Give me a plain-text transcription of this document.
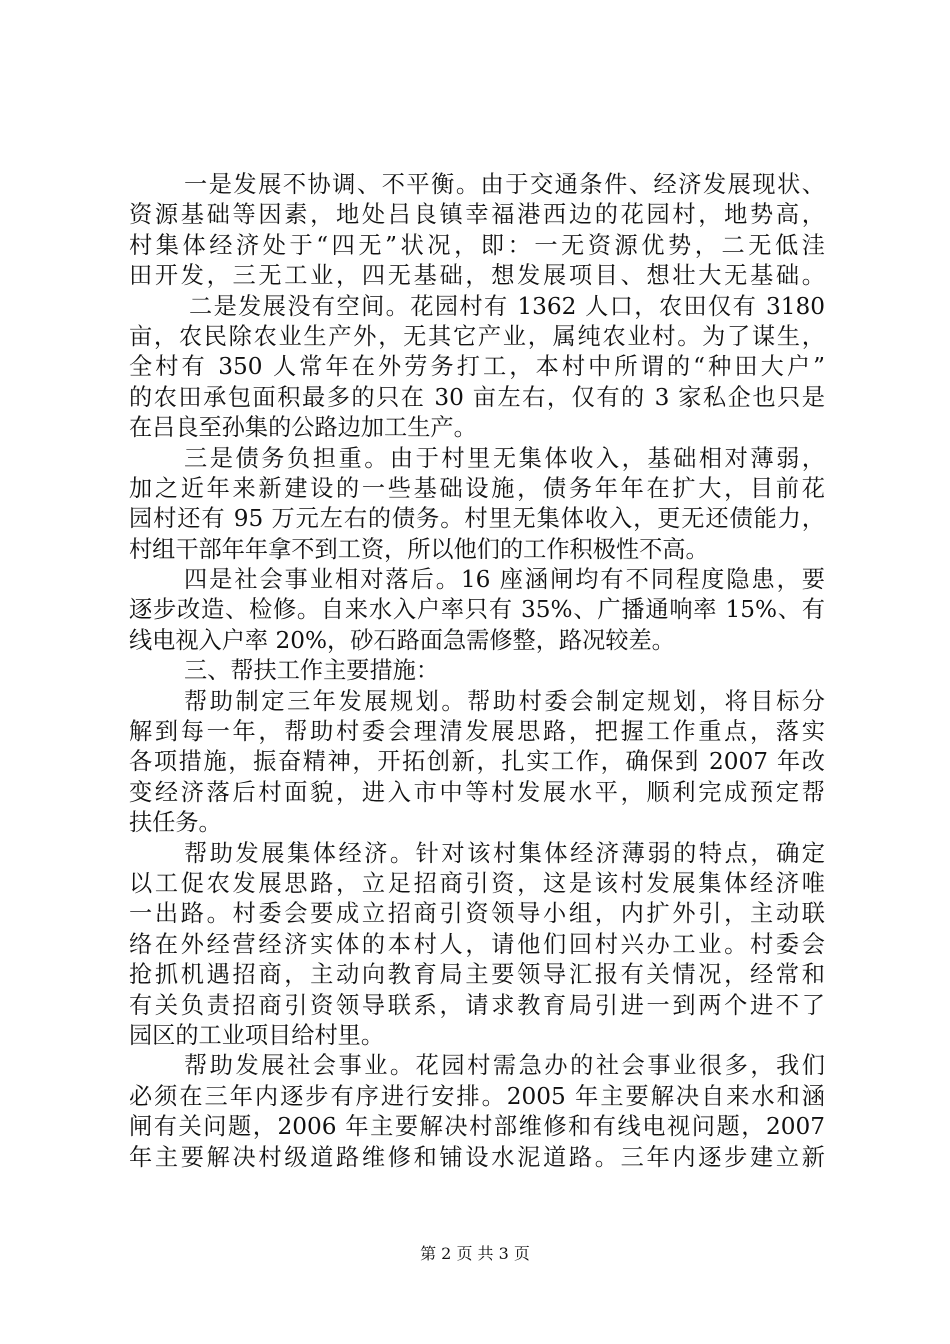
一是发展不协调、不平衡。由于交通条件、经济发展现状、
资源基础等因素，地处吕良镇幸福港西边的花园村，地势高，
村集体经济处于“四无”状况，即：一无资源优势，二无低洼
田开发，三无工业，四无基础，想发展项目、想壮大无基础。
二是发展没有空间。花园村有 1362 人口，农田仅有 3180
亩，农民除农业生产外，无其它产业，属纯农业村。为了谋生，
全村有 350 人常年在外劳务打工，本村中所谓的“种田大户”
的农田承包面积最多的只在 30 亩左右，仅有的 3 家私企也只是
在吕良至孙集的公路边加工生产。
三是债务负担重。由于村里无集体收入，基础相对薄弱，
加之近年来新建设的一些基础设施，债务年年在扩大，目前花
园村还有 95 万元左右的债务。村里无集体收入，更无还债能力，
村组干部年年拿不到工资，所以他们的工作积极性不高。
四是社会事业相对落后。16 座涵闸均有不同程度隐患，要
逐步改造、检修。自来水入户率只有 35%、广播通响率 15%、有
线电视入户率 20%，砂石路面急需修整，路况较差。
三、帮扶工作主要措施：
帮助制定三年发展规划。帮助村委会制定规划，将目标分
解到每一年，帮助村委会理清发展思路，把握工作重点，落实
各项措施，振奋精神，开拓创新，扎实工作，确保到 2007 年改
变经济落后村面貌，进入市中等村发展水平，顺利完成预定帮
扶任务。
帮助发展集体经济。针对该村集体经济薄弱的特点，确定
以工促农发展思路，立足招商引资，这是该村发展集体经济唯
一出路。村委会要成立招商引资领导小组，内扩外引，主动联
络在外经营经济实体的本村人，请他们回村兴办工业。村委会
抢抓机遇招商，主动向教育局主要领导汇报有关情况，经常和
有关负责招商引资领导联系，请求教育局引进一到两个进不了
园区的工业项目给村里。
帮助发展社会事业。花园村需急办的社会事业很多，我们
必须在三年内逐步有序进行安排。2005 年主要解决自来水和涵
闸有关问题，2006 年主要解决村部维修和有线电视问题，2007
年主要解决村级道路维修和铺设水泥道路。三年内逐步建立新
第 2 页 共 3 页
